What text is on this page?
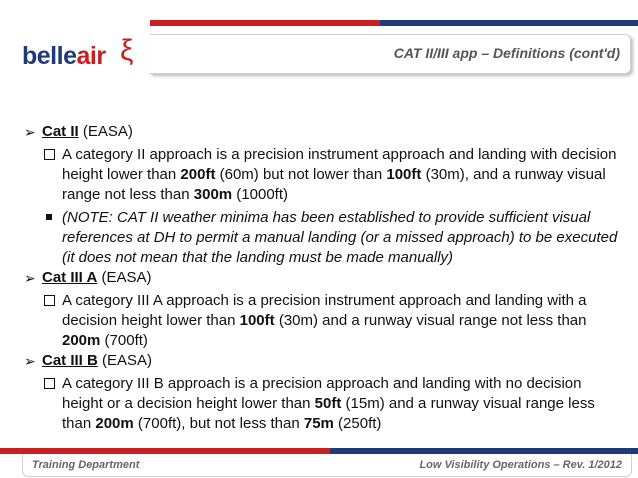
belleair ξ	CAT II/III app – Definitions (cont'd)
➢ Cat II (EASA)
A category II approach is a precision instrument approach and landing with decision height lower than 200ft (60m) but not lower than 100ft (30m), and a runway visual range not less than 300m (1000ft)
(NOTE: CAT II weather minima has been established to provide sufficient visual references at DH to permit a manual landing (or a missed approach) to be executed (it does not mean that the landing must be made manually)
➢ Cat III A (EASA)
A category III A approach is a precision instrument approach and landing with a decision height lower than 100ft (30m) and a runway visual range not less than 200m (700ft)
➢ Cat III B (EASA)
A category III B approach is a precision approach and landing with no decision height or a decision height lower than 50ft (15m) and a runway visual range less than 200m (700ft), but not less than 75m (250ft)
Training Department	Low Visibility Operations – Rev. 1/2012
